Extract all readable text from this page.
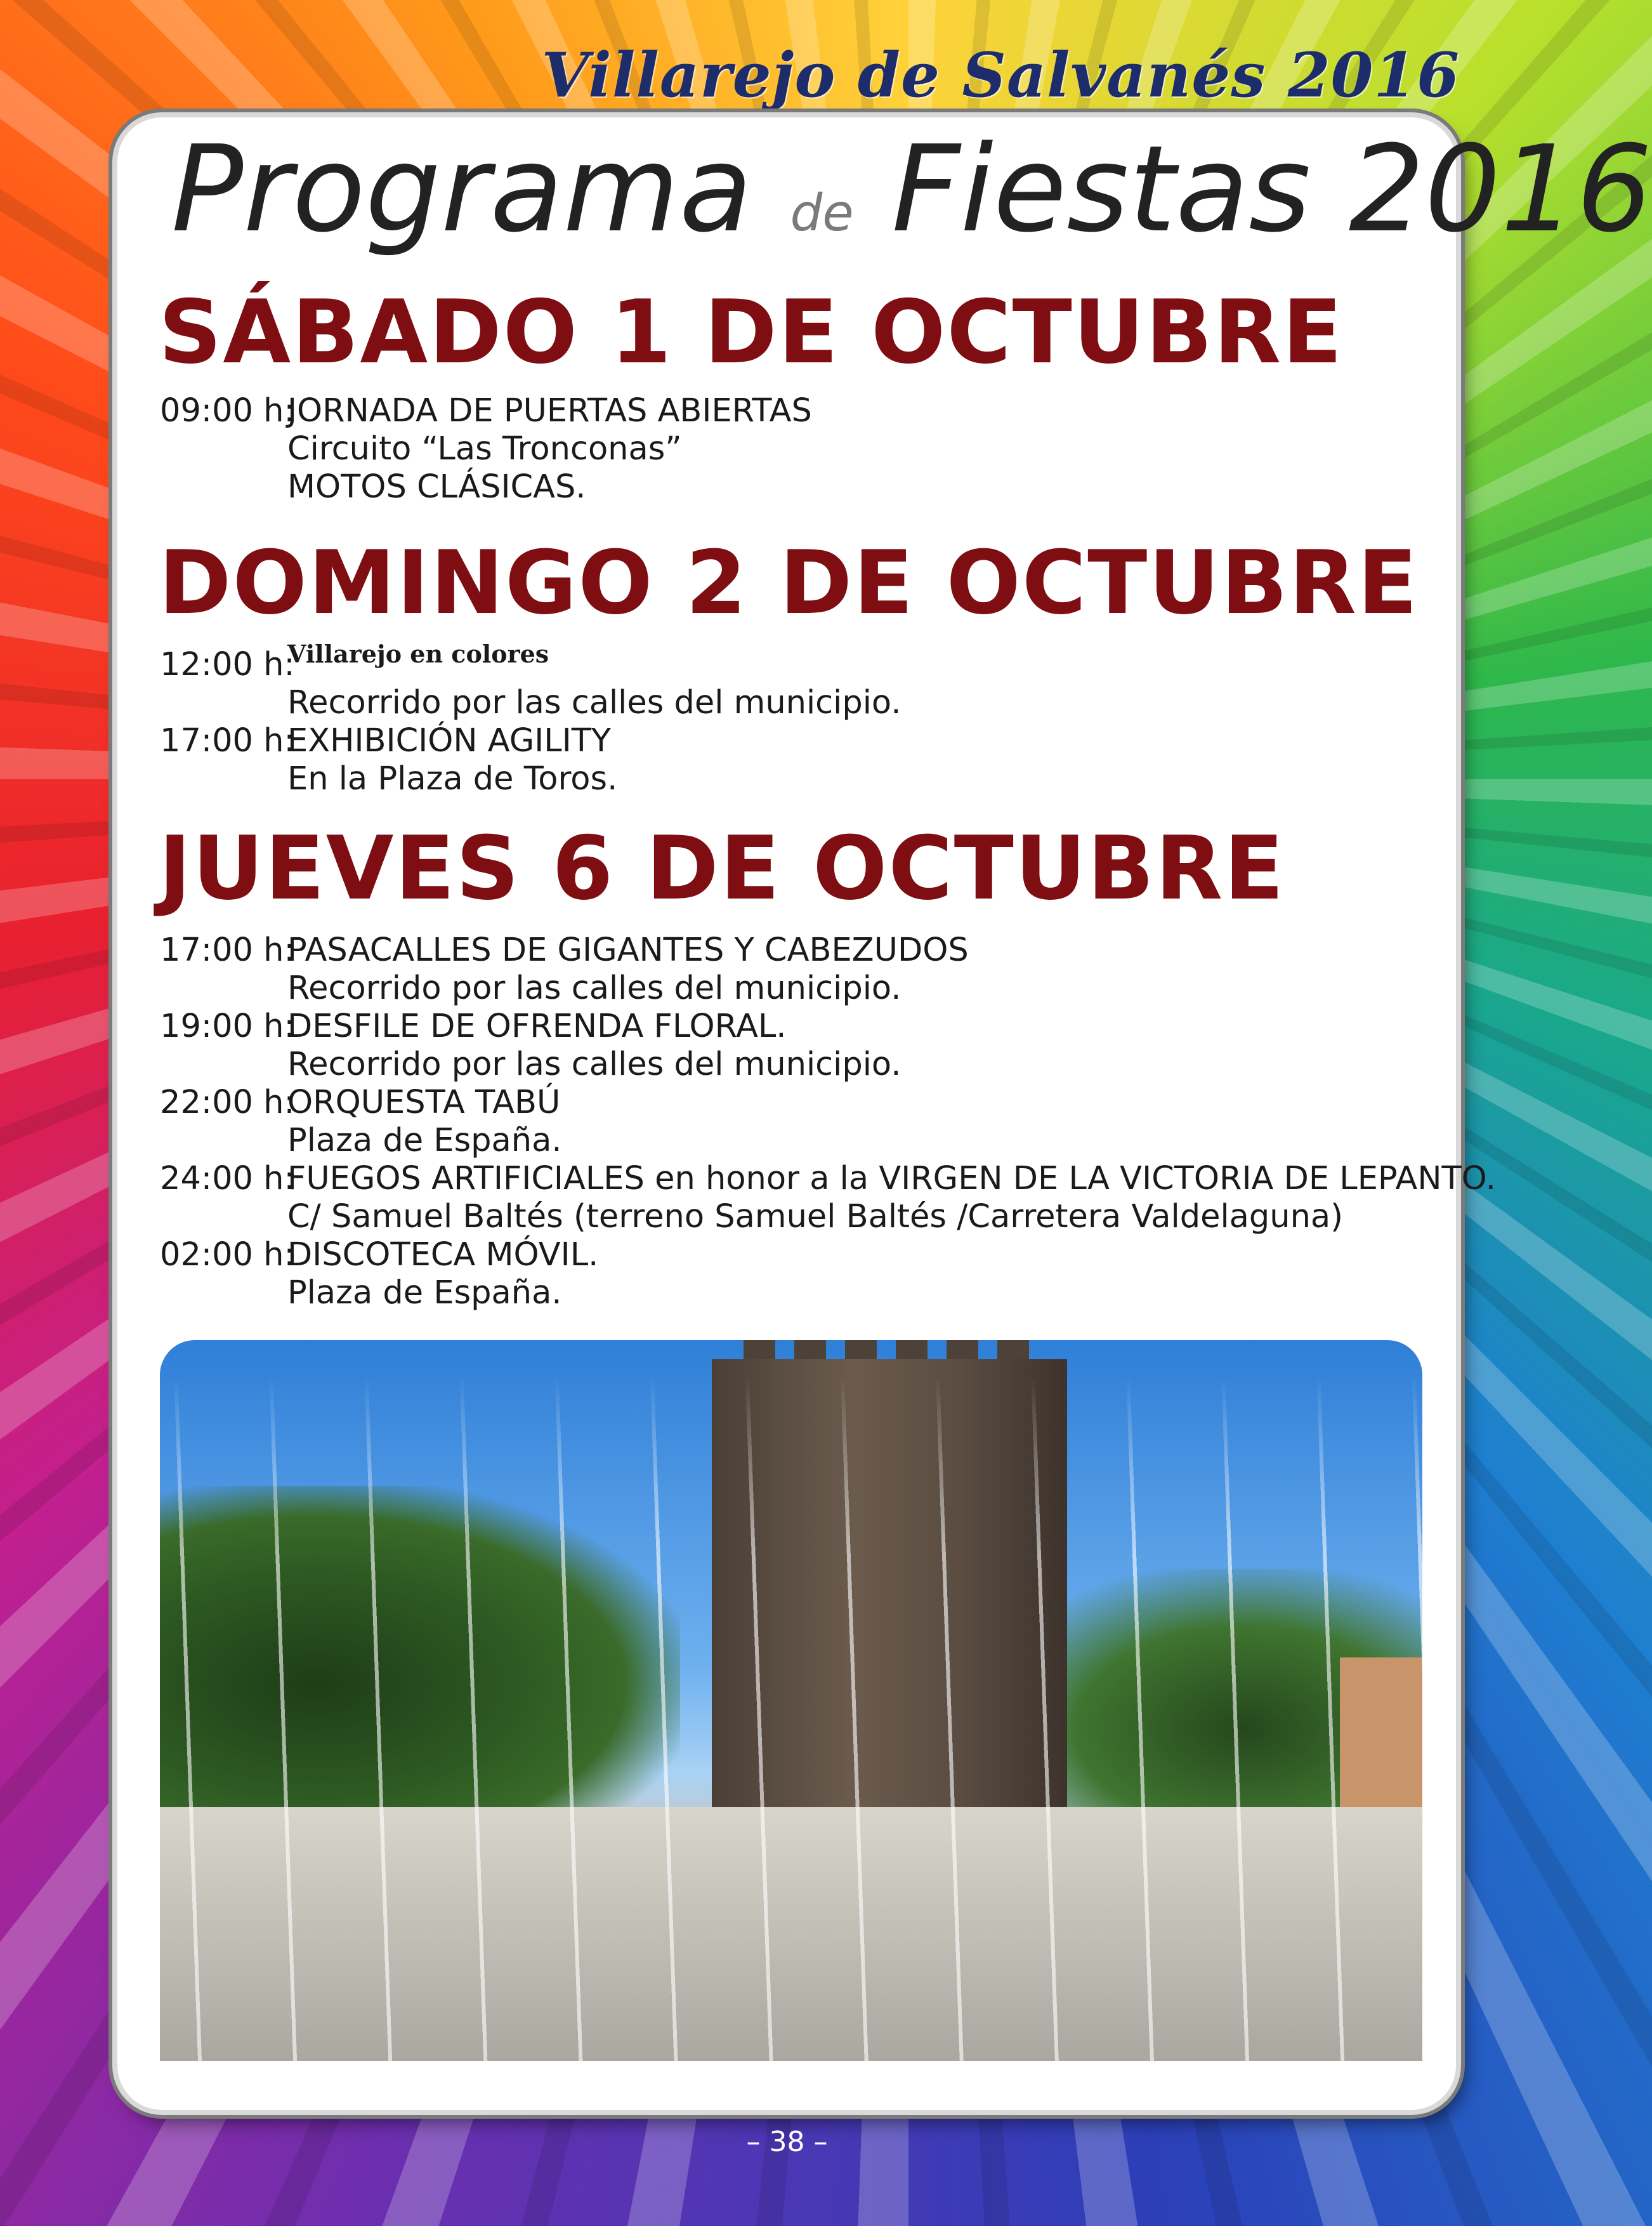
Villarejo de Salvanés 2016
Programa de Fiestas 2016
SÁBADO 1 DE OCTUBRE
09:00 h:
JORNADA DE PUERTAS ABIERTAS
Circuito “Las Tronconas”
MOTOS CLÁSICAS.
DOMINGO 2 DE OCTUBRE
12:00 h:
Villarejo en colores
Recorrido por las calles del municipio.
17:00 h:
EXHIBICIÓN AGILITY
En la Plaza de Toros.
JUEVES 6 DE OCTUBRE
17:00 h:
PASACALLES DE GIGANTES Y CABEZUDOS
Recorrido por las calles del municipio.
19:00 h:
DESFILE DE OFRENDA FLORAL.
Recorrido por las calles del municipio.
22:00 h:
ORQUESTA TABÚ
Plaza de España.
24:00 h:
FUEGOS ARTIFICIALES en honor a la VIRGEN DE LA VICTORIA DE LEPANTO.
C/ Samuel Baltés (terreno Samuel Baltés /Carretera Valdelaguna)
02:00 h:
DISCOTECA MÓVIL.
Plaza de España.
– 38 –
